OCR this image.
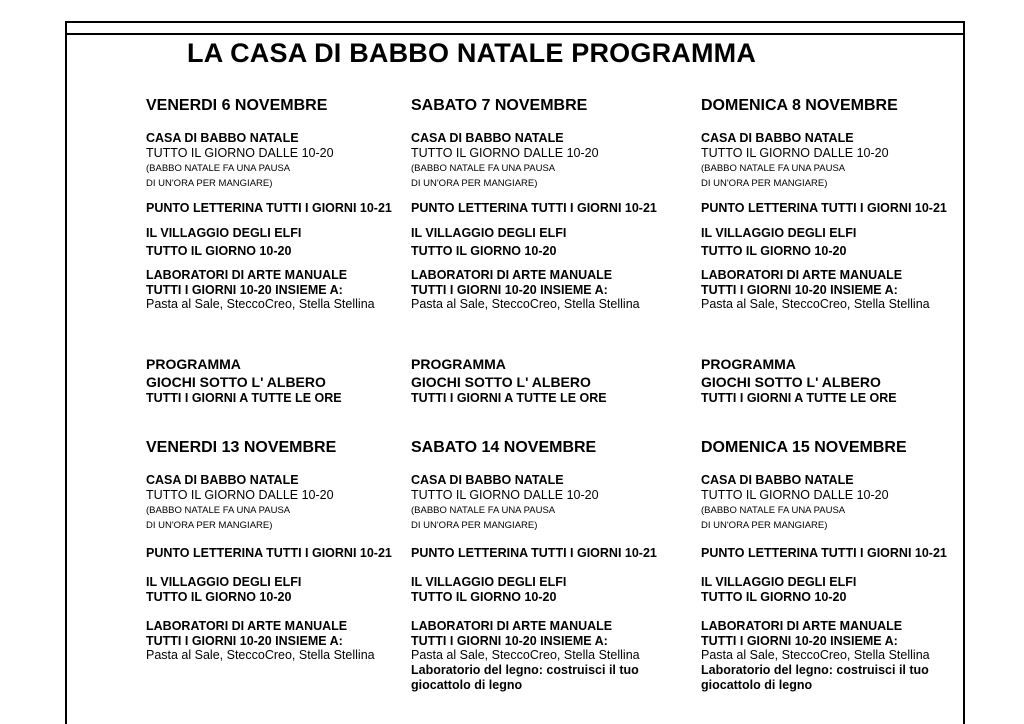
LA CASA DI BABBO NATALE PROGRAMMA
VENERDI 6 NOVEMBRE
CASA DI BABBO NATALE
TUTTO IL GIORNO DALLE 10-20
(BABBO NATALE FA UNA PAUSA
DI UN'ORA PER MANGIARE)
PUNTO LETTERINA TUTTI I GIORNI 10-21
IL VILLAGGIO DEGLI ELFI
TUTTO IL GIORNO 10-20
LABORATORI DI ARTE MANUALE
TUTTI I GIORNI 10-20 INSIEME A:
Pasta al Sale, SteccoCreo, Stella Stellina
SABATO 7 NOVEMBRE
CASA DI BABBO NATALE
TUTTO IL GIORNO DALLE 10-20
(BABBO NATALE FA UNA PAUSA
DI UN'ORA PER MANGIARE)
PUNTO LETTERINA TUTTI I GIORNI 10-21
IL VILLAGGIO DEGLI ELFI
TUTTO IL GIORNO 10-20
LABORATORI DI ARTE MANUALE
TUTTI I GIORNI 10-20 INSIEME A:
Pasta al Sale, SteccoCreo, Stella Stellina
DOMENICA 8 NOVEMBRE
CASA DI BABBO NATALE
TUTTO IL GIORNO DALLE 10-20
(BABBO NATALE FA UNA PAUSA
DI UN'ORA PER MANGIARE)
PUNTO LETTERINA TUTTI I GIORNI 10-21
IL VILLAGGIO DEGLI ELFI
TUTTO IL GIORNO 10-20
LABORATORI DI ARTE MANUALE
TUTTI I GIORNI 10-20 INSIEME A:
Pasta al Sale, SteccoCreo, Stella Stellina
PROGRAMMA
GIOCHI SOTTO L' ALBERO
TUTTI I GIORNI A TUTTE LE ORE
PROGRAMMA
GIOCHI SOTTO L' ALBERO
TUTTI I GIORNI A TUTTE LE ORE
PROGRAMMA
GIOCHI SOTTO L' ALBERO
TUTTI I GIORNI A TUTTE LE ORE
VENERDI 13 NOVEMBRE
CASA DI BABBO NATALE
TUTTO IL GIORNO DALLE 10-20
(BABBO NATALE FA UNA PAUSA
DI UN'ORA PER MANGIARE)
PUNTO LETTERINA TUTTI I GIORNI 10-21
IL VILLAGGIO DEGLI ELFI
TUTTO IL GIORNO 10-20
LABORATORI DI ARTE MANUALE
TUTTI I GIORNI 10-20 INSIEME A:
Pasta al Sale, SteccoCreo, Stella Stellina
SABATO 14 NOVEMBRE
CASA DI BABBO NATALE
TUTTO IL GIORNO DALLE 10-20
(BABBO NATALE FA UNA PAUSA
DI UN'ORA PER MANGIARE)
PUNTO LETTERINA TUTTI I GIORNI 10-21
IL VILLAGGIO DEGLI ELFI
TUTTO IL GIORNO 10-20
LABORATORI DI ARTE MANUALE
TUTTI I GIORNI 10-20 INSIEME A:
Pasta al Sale, SteccoCreo, Stella Stellina
Laboratorio del legno: costruisci il tuo
giocattolo di legno
DOMENICA 15 NOVEMBRE
CASA DI BABBO NATALE
TUTTO IL GIORNO DALLE 10-20
(BABBO NATALE FA UNA PAUSA
DI UN'ORA PER MANGIARE)
PUNTO LETTERINA TUTTI I GIORNI 10-21
IL VILLAGGIO DEGLI ELFI
TUTTO IL GIORNO 10-20
LABORATORI DI ARTE MANUALE
TUTTI I GIORNI 10-20 INSIEME A:
Pasta al Sale, SteccoCreo, Stella Stellina
Laboratorio del legno: costruisci il tuo
giocattolo di legno
